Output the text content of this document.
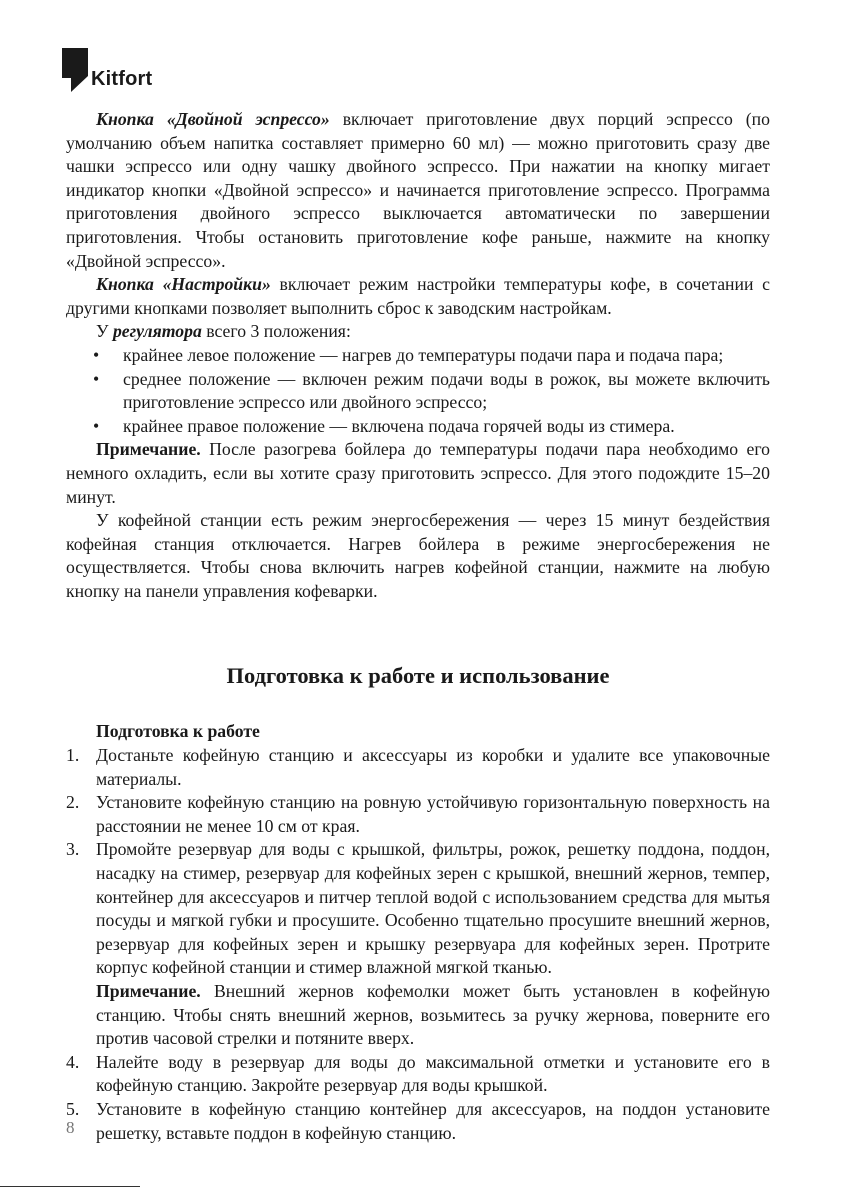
Kitfort

Кнопка «Двойной эспрессо» включает приготовление двух порций эспрессо (по умолчанию объем напитка составляет примерно 60 мл) — можно приготовить сразу две чашки эспрессо или одну чашку двойного эспрессо. При нажатии на кнопку мигает индикатор кнопки «Двойной эспрессо» и начинается приготовление эспрессо. Программа приготовления двойного эспрессо выключается автоматически по завершении приготовления. Чтобы остановить приготовление кофе раньше, нажмите на кнопку «Двойной эспрессо».

Кнопка «Настройки» включает режим настройки температуры кофе, в сочетании с другими кнопками позволяет выполнить сброс к заводским настройкам.

У регулятора всего 3 положения:

• крайнее левое положение — нагрев до температуры подачи пара и подача пара;
• среднее положение — включен режим подачи воды в рожок, вы можете включить приготовление эспрессо или двойного эспрессо;
• крайнее правое положение — включена подача горячей воды из стимера.

Примечание. После разогрева бойлера до температуры подачи пара необходимо его немного охладить, если вы хотите сразу приготовить эспрессо. Для этого подождите 15–20 минут.

У кофейной станции есть режим энергосбережения — через 15 минут бездействия кофейная станция отключается. Нагрев бойлера в режиме энергосбережения не осуществляется. Чтобы снова включить нагрев кофейной станции, нажмите на любую кнопку на панели управления кофеварки.

Подготовка к работе и использование

Подготовка к работе

1. Достаньте кофейную станцию и аксессуары из коробки и удалите все упаковочные материалы.
2. Установите кофейную станцию на ровную устойчивую горизонтальную поверхность на расстоянии не менее 10 см от края.
3. Промойте резервуар для воды с крышкой, фильтры, рожок, решетку поддона, поддон, насадку на стимер, резервуар для кофейных зерен с крышкой, внешний жернов, темпер, контейнер для аксессуаров и питчер теплой водой с использованием средства для мытья посуды и мягкой губки и просушите. Особенно тщательно просушите внешний жернов, резервуар для кофейных зерен и крышку резервуара для кофейных зерен. Протрите корпус кофейной станции и стимер влажной мягкой тканью.
Примечание. Внешний жернов кофемолки может быть установлен в кофейную станцию. Чтобы снять внешний жернов, возьмитесь за ручку жернова, поверните его против часовой стрелки и потяните вверх.
4. Налейте воду в резервуар для воды до максимальной отметки и установите его в кофейную станцию. Закройте резервуар для воды крышкой.
5. Установите в кофейную станцию контейнер для аксессуаров, на поддон установите решетку, вставьте поддон в кофейную станцию.
8
